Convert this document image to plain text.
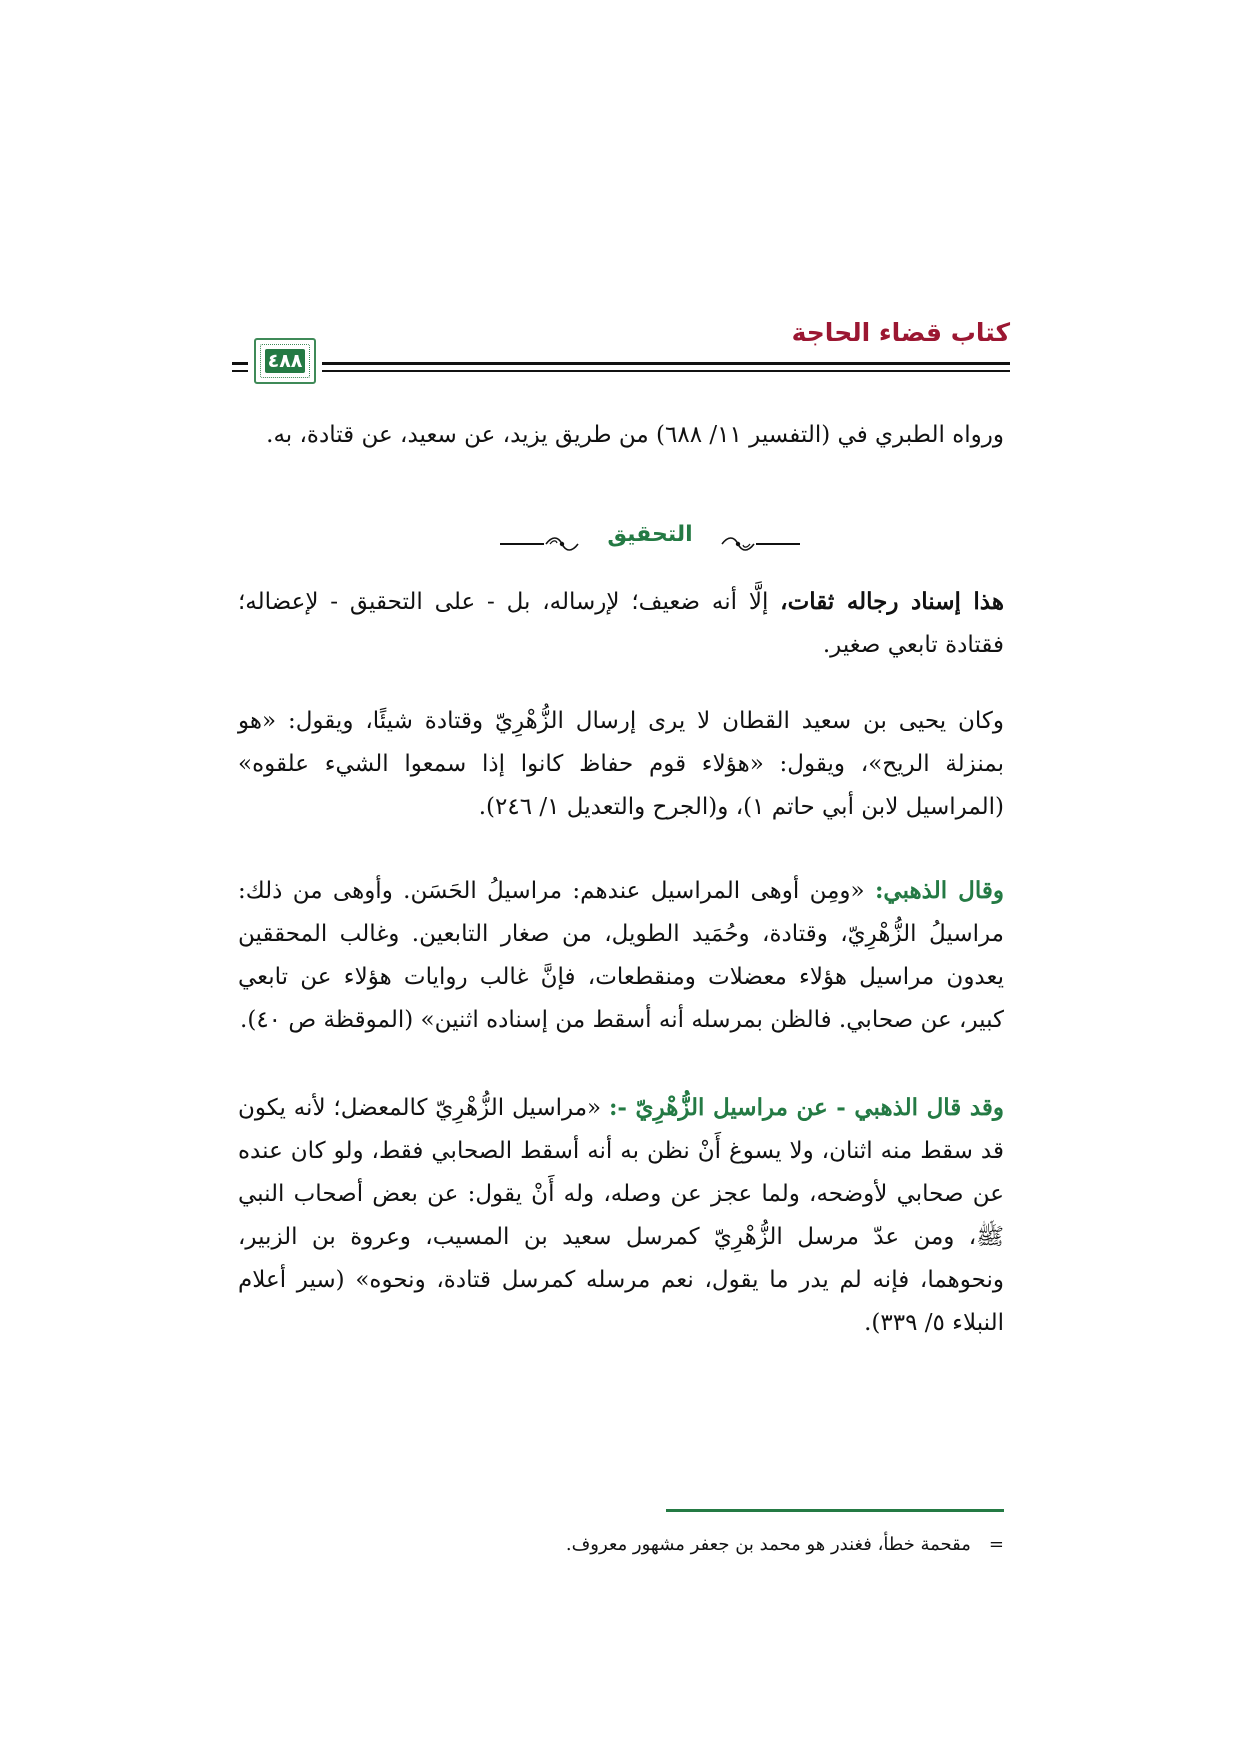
كتاب قضاء الحاجة
٤٨٨

ورواه الطبري في (التفسير ١١/ ٦٨٨) من طريق يزيد، عن سعيد، عن قتادة، به.

التحقيق

هذا إسناد رجاله ثقات، إلَّا أنه ضعيف؛ لإرساله، بل - على التحقيق - لإعضاله؛ فقتادة تابعي صغير.

وكان يحيى بن سعيد القطان لا يرى إرسال الزُّهْرِيّ وقتادة شيئًا، ويقول: «هو بمنزلة الريح»، ويقول: «هؤلاء قوم حفاظ كانوا إذا سمعوا الشيء علقوه» (المراسيل لابن أبي حاتم ١)، و(الجرح والتعديل ١/ ٢٤٦).

وقال الذهبي: «ومِن أوهى المراسيل عندهم: مراسيلُ الحَسَن. وأوهى من ذلك: مراسيلُ الزُّهْرِيّ، وقتادة، وحُمَيد الطويل، من صغار التابعين. وغالب المحققين يعدون مراسيل هؤلاء معضلات ومنقطعات، فإنَّ غالب روايات هؤلاء عن تابعي كبير، عن صحابي. فالظن بمرسله أنه أسقط من إسناده اثنين» (الموقظة ص ٤٠).

وقد قال الذهبي - عن مراسيل الزُّهْرِيّ -: «مراسيل الزُّهْرِيّ كالمعضل؛ لأنه يكون قد سقط منه اثنان، ولا يسوغ أَنْ نظن به أنه أسقط الصحابي فقط، ولو كان عنده عن صحابي لأوضحه، ولما عجز عن وصله، وله أَنْ يقول: عن بعض أصحاب النبي ﷺ، ومن عدّ مرسل الزُّهْرِيّ كمرسل سعيد بن المسيب، وعروة بن الزبير، ونحوهما، فإنه لم يدر ما يقول، نعم مرسله كمرسل قتادة، ونحوه» (سير أعلام النبلاء ٥/ ٣٣٩).

=مقحمة خطأ، فغندر هو محمد بن جعفر مشهور معروف.
